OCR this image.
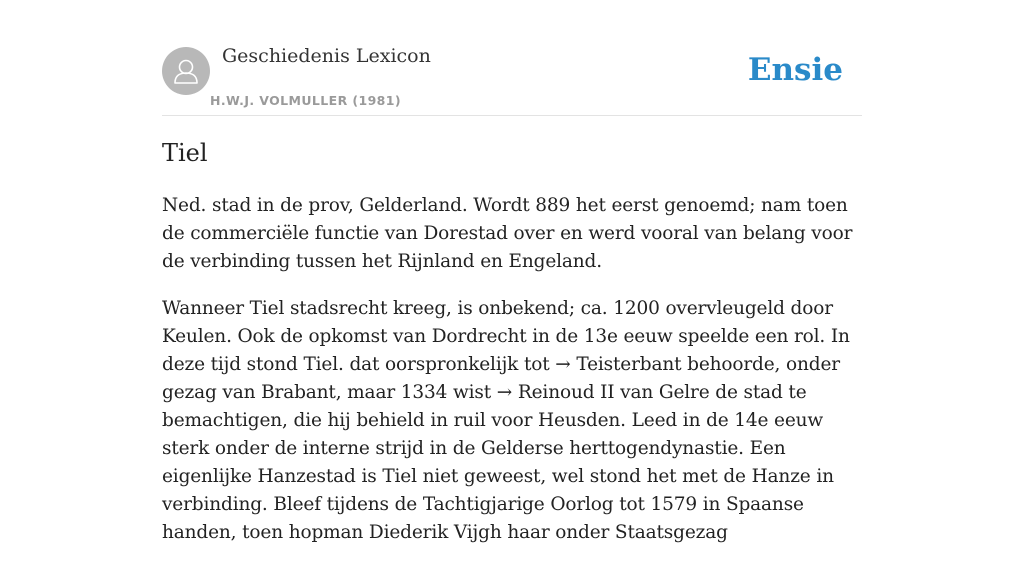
Geschiedenis Lexicon
H.W.J. VOLMULLER (1981)
Ensie
Tiel

Ned. stad in de prov, Gelderland. Wordt 889 het eerst genoemd; nam toen de commerciële functie van Dorestad over en werd vooral van belang voor de verbinding tussen het Rijnland en Engeland.

Wanneer Tiel stadsrecht kreeg, is onbekend; ca. 1200 overvleugeld door Keulen. Ook de opkomst van Dordrecht in de 13e eeuw speelde een rol. In deze tijd stond Tiel. dat oorspronkelijk tot → Teisterbant behoorde, onder gezag van Brabant, maar 1334 wist → Reinoud II van Gelre de stad te bemachtigen, die hij behield in ruil voor Heusden. Leed in de 14e eeuw sterk onder de interne strijd in de Gelderse herttogendynastie. Een eigenlijke Hanzestad is Tiel niet geweest, wel stond het met de Hanze in verbinding. Bleef tijdens de Tachtigjarige Oorlog tot 1579 in Spaanse handen, toen hopman Diederik Vijgh haar onder Staatsgezag
